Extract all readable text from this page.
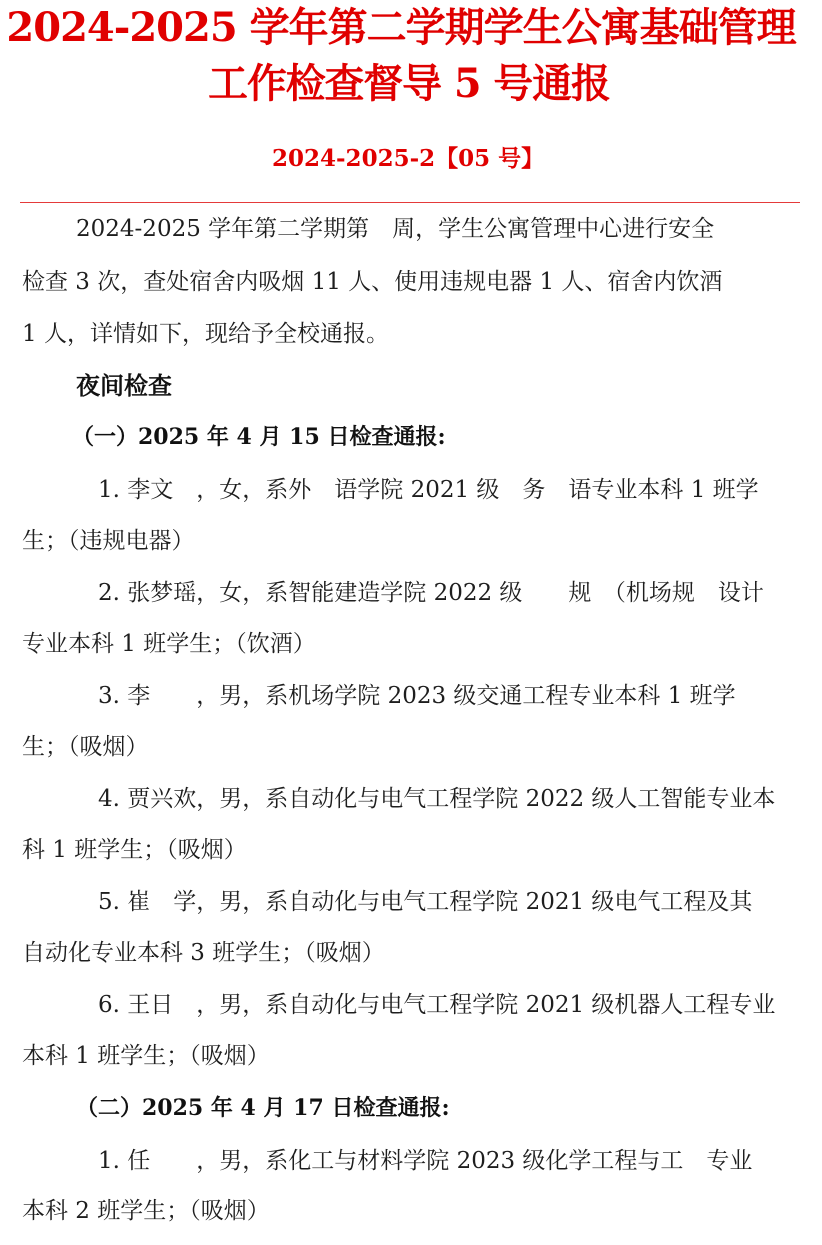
2024-2025 学年第二学期学生公寓基础管理
工作检查督导 5 号通报
2024-2025-2【05 号】
2024-2025 学年第二学期第　周，学生公寓管理中心进行安全
检查 3 次，查处宿舍内吸烟 11 人、使用违规电器 1 人、宿舍内饮酒
1 人，详情如下，现给予全校通报。
夜间检查
（一）2025 年 4 月 15 日检查通报:
1. 李文　，女，系外　语学院 2021 级　务　语专业本科 1 班学
生；（违规电器）
2. 张梦瑶，女，系智能建造学院 2022 级　　规　（机场规　设计
专业本科 1 班学生；（饮酒）
3. 李　　，男，系机场学院 2023 级交通工程专业本科 1 班学
生；（吸烟）
4. 贾兴欢，男，系自动化与电气工程学院 2022 级人工智能专业本
科 1 班学生；（吸烟）
5. 崔　学，男，系自动化与电气工程学院 2021 级电气工程及其
自动化专业本科 3 班学生；（吸烟）
6. 王日　，男，系自动化与电气工程学院 2021 级机器人工程专业
本科 1 班学生；（吸烟）
（二）2025 年 4 月 17 日检查通报:
1. 任　　，男，系化工与材料学院 2023 级化学工程与工　专业
本科 2 班学生；（吸烟）
